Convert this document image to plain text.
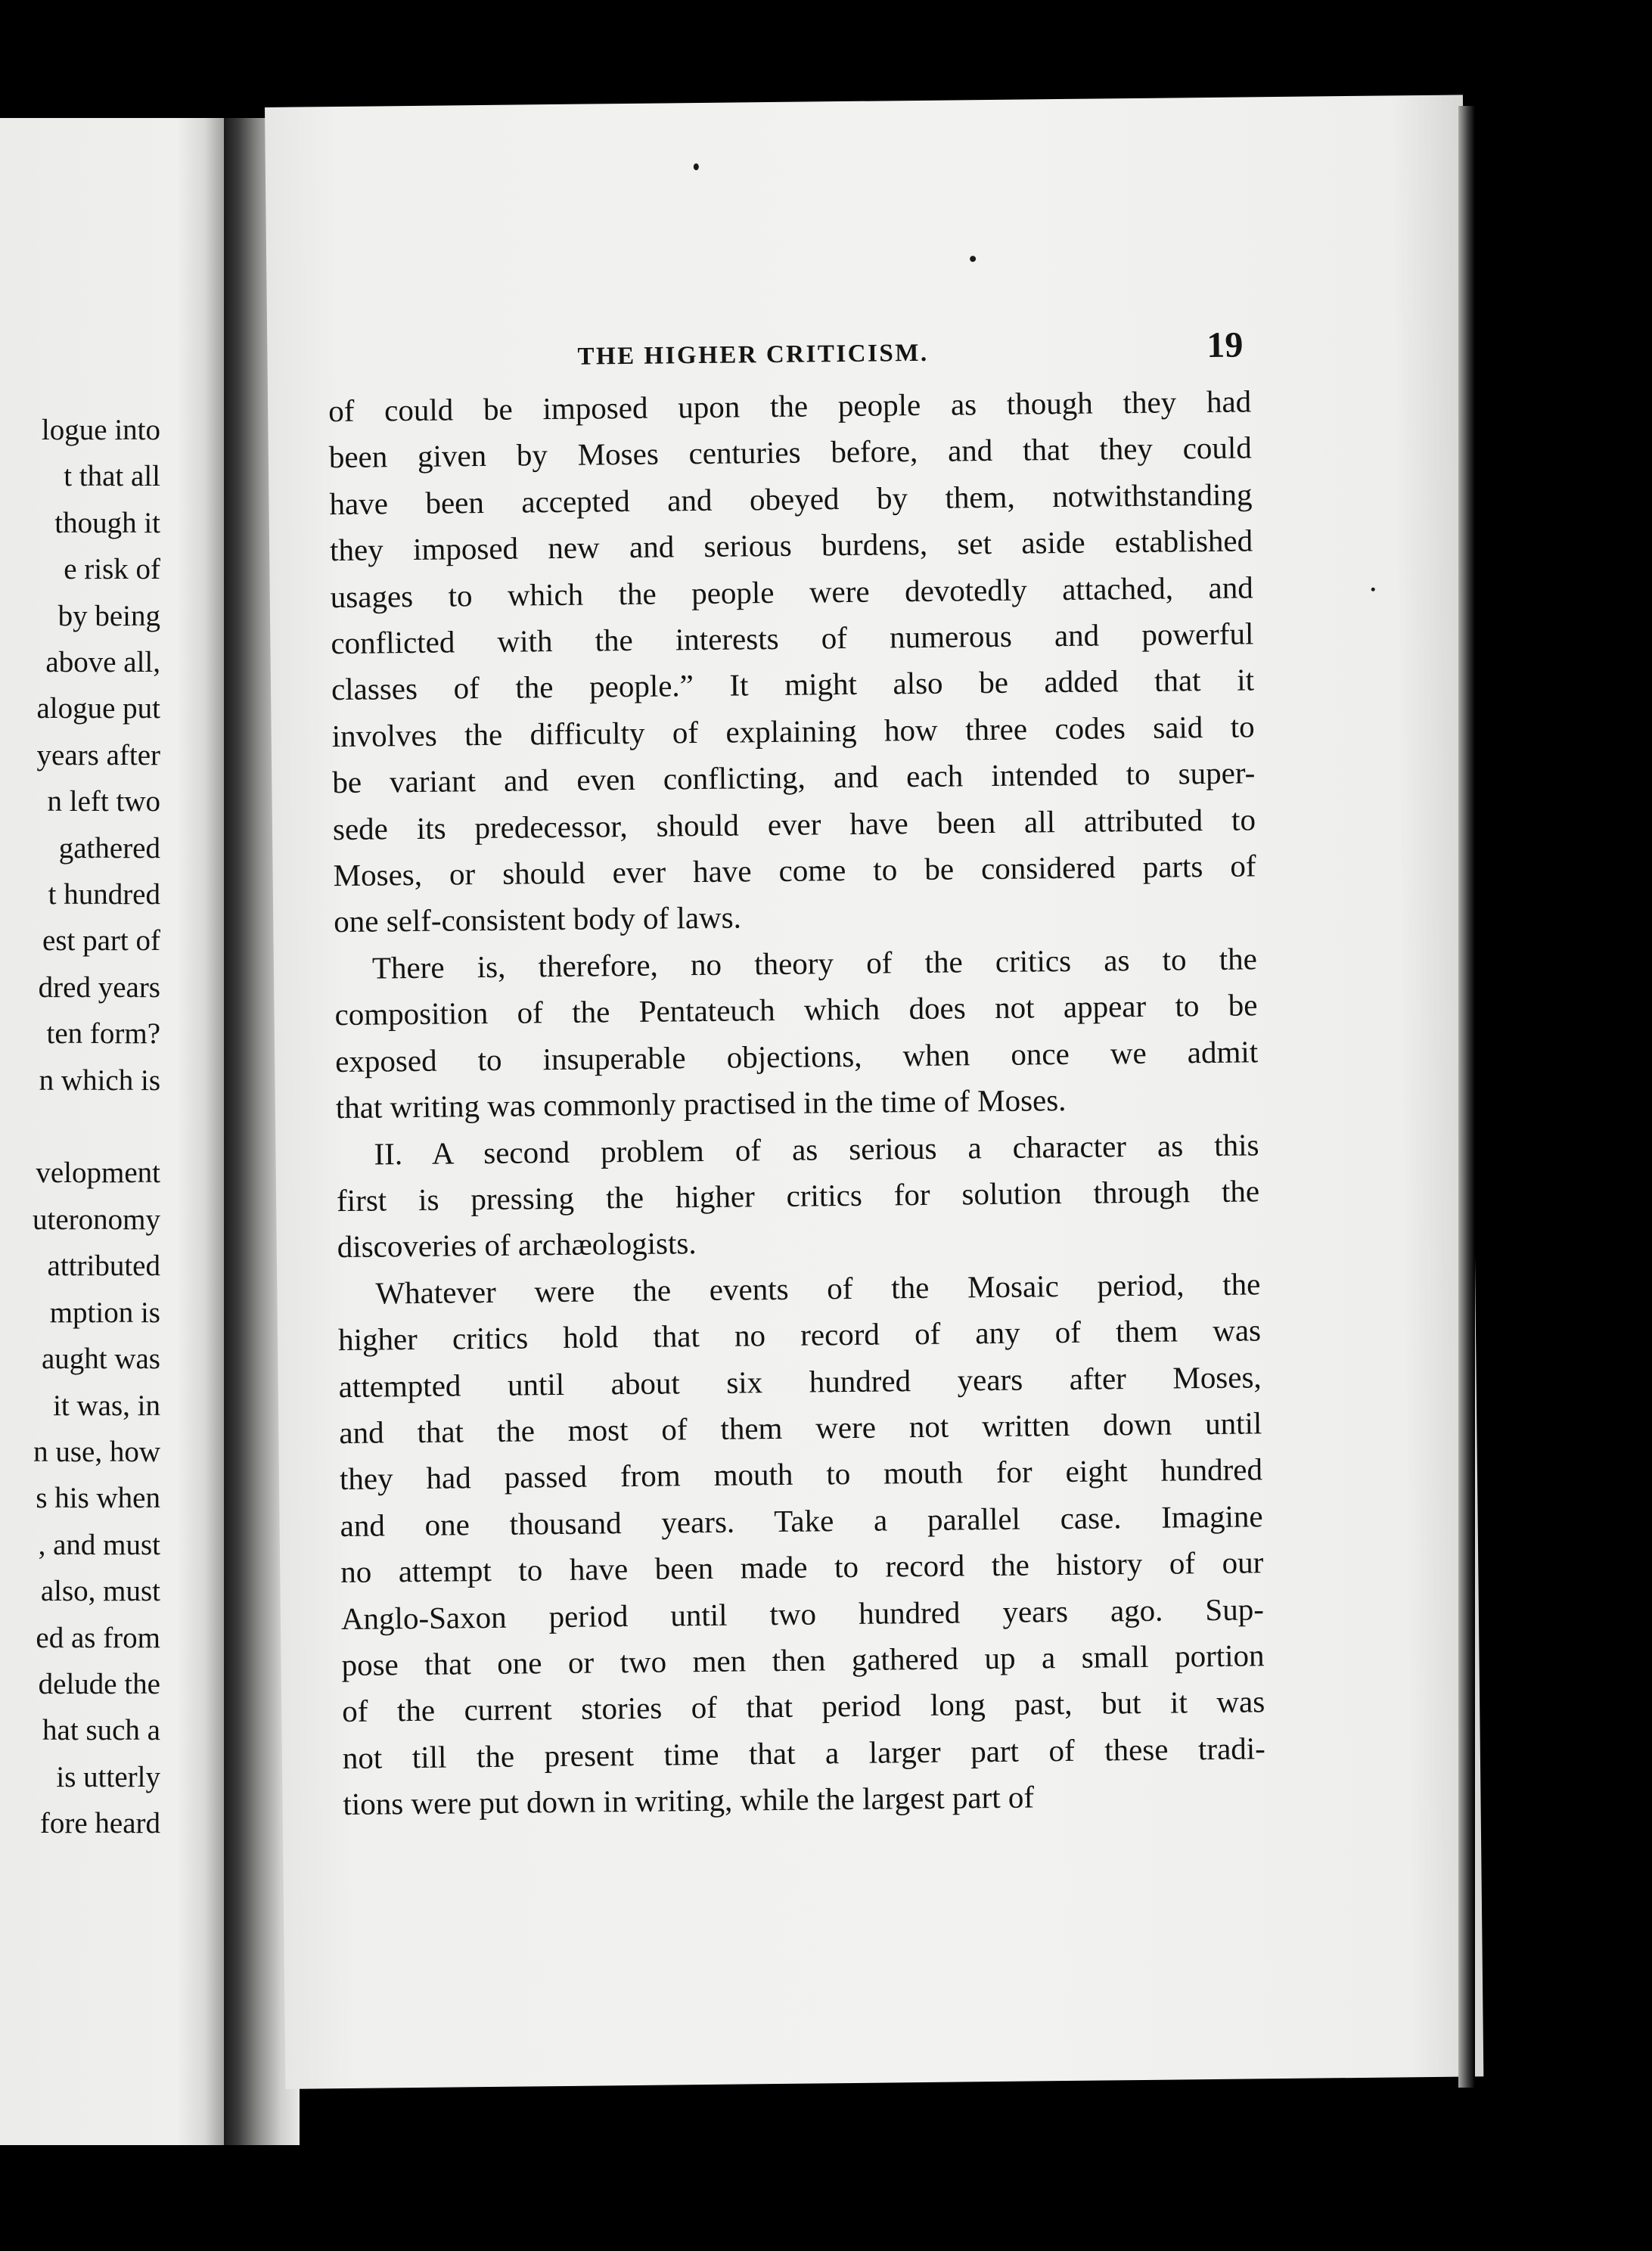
logue into
t that all
though it
e risk of
by being
above all,
alogue put
years after
n left two
gathered
t hundred
est part of
dred years
ten form?
n which is
velopment
uteronomy
attributed
mption is
aught was
it was, in
n use, how
s his when
, and must
also, must
ed as from
delude the
hat such a
is utterly
fore heard
THE HIGHER CRITICISM.	19
of could be imposed upon the people as though they had
been given by Moses centuries before, and that they could
have been accepted and obeyed by them, notwithstanding
they imposed new and serious burdens, set aside established
usages to which the people were devotedly attached, and
conflicted with the interests of numerous and powerful
classes of the people.” It might also be added that it
involves the difficulty of explaining how three codes said to
be variant and even conflicting, and each intended to super-
sede its predecessor, should ever have been all attributed to
Moses, or should ever have come to be considered parts of
one self-consistent body of laws.
There is, therefore, no theory of the critics as to the
composition of the Pentateuch which does not appear to be
exposed to insuperable objections, when once we admit
that writing was commonly practised in the time of Moses.
II. A second problem of as serious a character as this
first is pressing the higher critics for solution through the
discoveries of archæologists.
Whatever were the events of the Mosaic period, the
higher critics hold that no record of any of them was
attempted until about six hundred years after Moses,
and that the most of them were not written down until
they had passed from mouth to mouth for eight hundred
and one thousand years. Take a parallel case. Imagine
no attempt to have been made to record the history of our
Anglo-Saxon period until two hundred years ago. Sup-
pose that one or two men then gathered up a small portion
of the current stories of that period long past, but it was
not till the present time that a larger part of these tradi-
tions were put down in writing, while the largest part of
